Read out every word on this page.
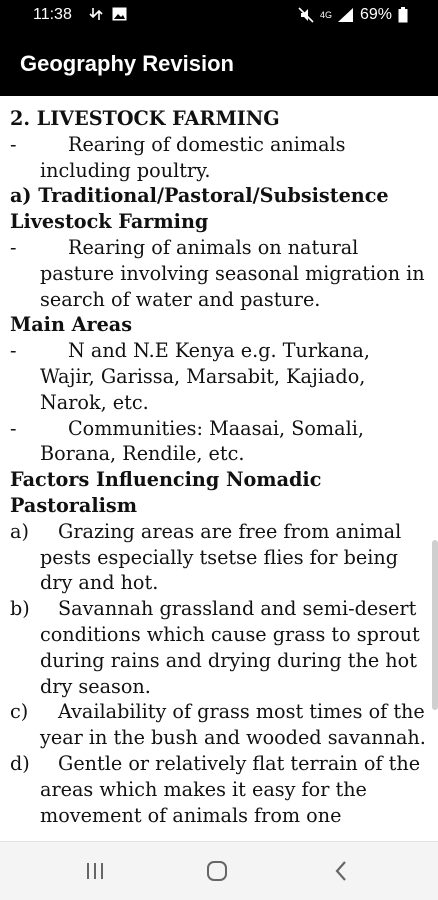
11:38	4G 69%
Geography Revision
2. LIVESTOCK FARMING
-	Rearing of domestic animals including poultry.
a) Traditional/Pastoral/Subsistence Livestock Farming
-	Rearing of animals on natural pasture involving seasonal migration in search of water and pasture.
Main Areas
-	N and N.E Kenya e.g. Turkana, Wajir, Garissa, Marsabit, Kajiado, Narok, etc.
-	Communities: Maasai, Somali, Borana, Rendile, etc.
Factors Influencing Nomadic Pastoralism
a)	Grazing areas are free from animal pests especially tsetse flies for being dry and hot.
b)	Savannah grassland and semi-desert conditions which cause grass to sprout during rains and drying during the hot dry season.
c)	Availability of grass most times of the year in the bush and wooded savannah.
d)	Gentle or relatively flat terrain of the areas which makes it easy for the movement of animals from one
